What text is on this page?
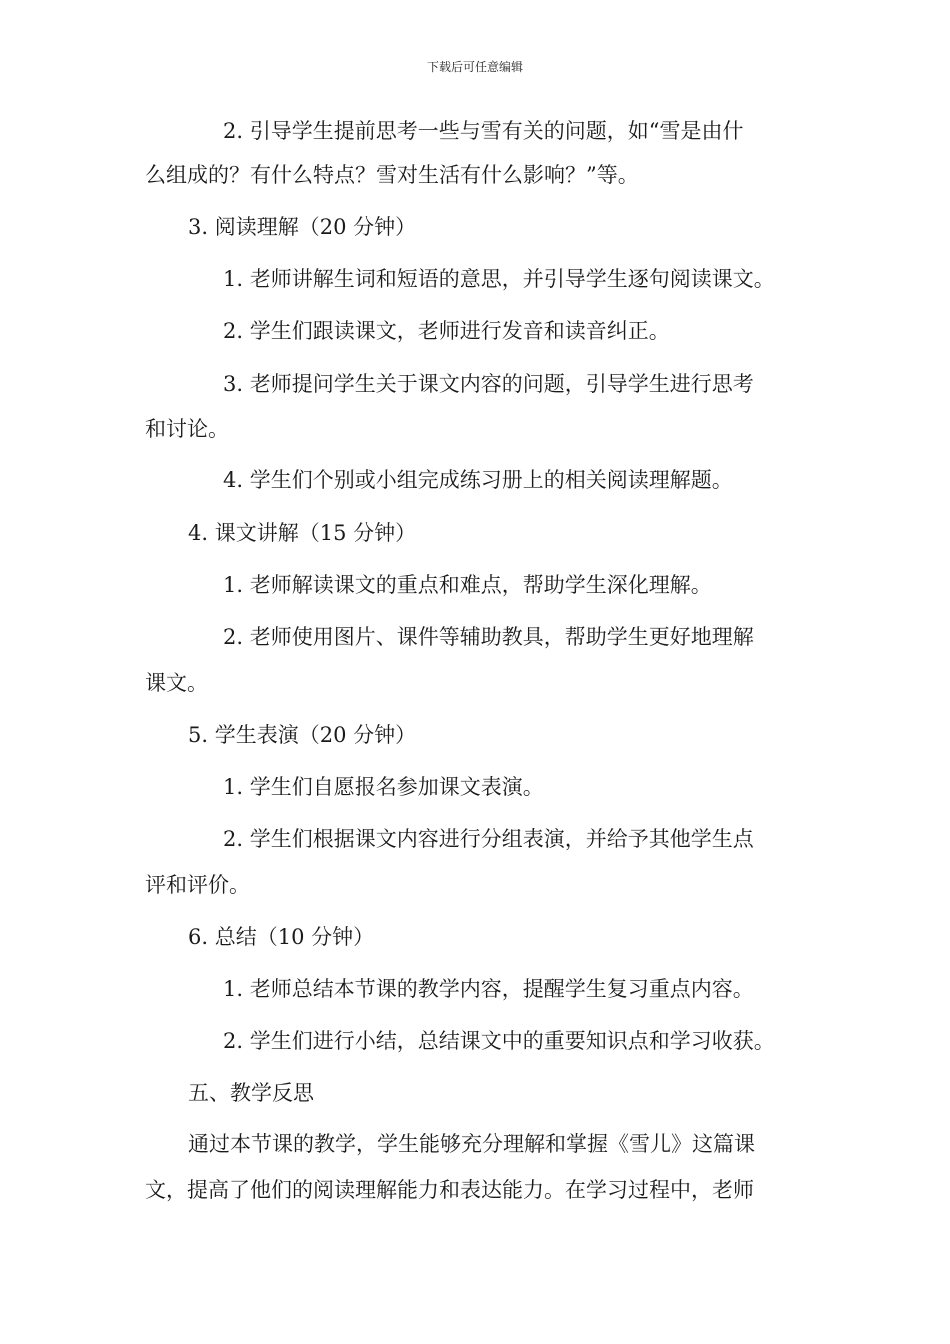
下载后可任意编辑
2. 引导学生提前思考一些与雪有关的问题，如“雪是由什
么组成的？有什么特点？雪对生活有什么影响？”等。
3. 阅读理解（20 分钟）
1. 老师讲解生词和短语的意思，并引导学生逐句阅读课文。
2. 学生们跟读课文，老师进行发音和读音纠正。
3. 老师提问学生关于课文内容的问题，引导学生进行思考
和讨论。
4. 学生们个别或小组完成练习册上的相关阅读理解题。
4. 课文讲解（15 分钟）
1. 老师解读课文的重点和难点，帮助学生深化理解。
2. 老师使用图片、课件等辅助教具，帮助学生更好地理解
课文。
5. 学生表演（20 分钟）
1. 学生们自愿报名参加课文表演。
2. 学生们根据课文内容进行分组表演，并给予其他学生点
评和评价。
6. 总结（10 分钟）
1. 老师总结本节课的教学内容，提醒学生复习重点内容。
2. 学生们进行小结，总结课文中的重要知识点和学习收获。
五、教学反思
通过本节课的教学，学生能够充分理解和掌握《雪儿》这篇课
文，提高了他们的阅读理解能力和表达能力。在学习过程中，老师
